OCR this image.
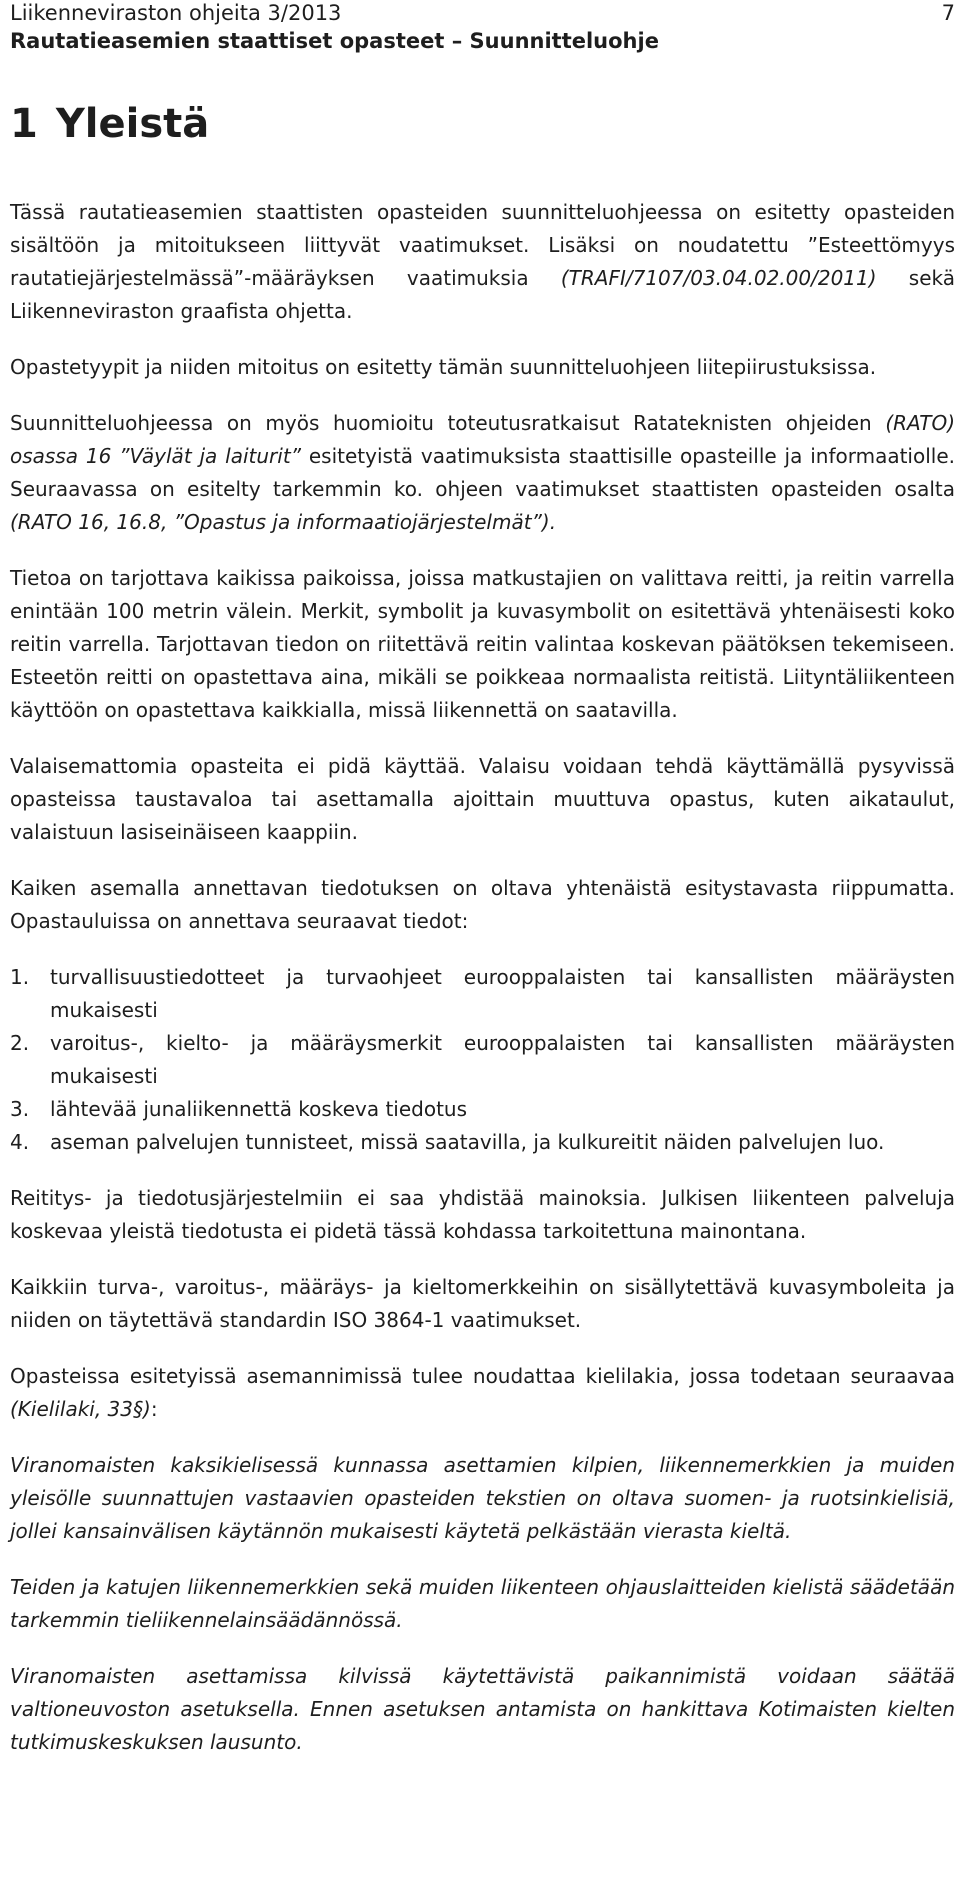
Liikenneviraston ohjeita 3/2013
Rautatieasemien staattiset opasteet – Suunnitteluohje
7
1 Yleistä

Tässä rautatieasemien staattisten opasteiden suunnitteluohjeessa on esitetty opasteiden sisältöön ja mitoitukseen liittyvät vaatimukset. Lisäksi on noudatettu ”Esteettömyys rautatiejärjestelmässä”-määräyksen vaatimuksia (TRAFI/7107/03.04.02.00/2011) sekä Liikenneviraston graafista ohjetta.

Opastetyypit ja niiden mitoitus on esitetty tämän suunnitteluohjeen liitepiirustuksissa.

Suunnitteluohjeessa on myös huomioitu toteutusratkaisut Ratateknisten ohjeiden (RATO) osassa 16 ”Väylät ja laiturit” esitetyistä vaatimuksista staattisille opasteille ja informaatiolle. Seuraavassa on esitelty tarkemmin ko. ohjeen vaatimukset staattisten opasteiden osalta (RATO 16, 16.8, ”Opastus ja informaatiojärjestelmät”).

Tietoa on tarjottava kaikissa paikoissa, joissa matkustajien on valittava reitti, ja reitin varrella enintään 100 metrin välein. Merkit, symbolit ja kuvasymbolit on esitettävä yhtenäisesti koko reitin varrella. Tarjottavan tiedon on riitettävä reitin valintaa koskevan päätöksen tekemiseen. Esteetön reitti on opastettava aina, mikäli se poikkeaa normaalista reitistä. Liityntäliikenteen käyttöön on opastettava kaikkialla, missä liikennettä on saatavilla.

Valaisemattomia opasteita ei pidä käyttää. Valaisu voidaan tehdä käyttämällä pysyvissä opasteissa taustavaloa tai asettamalla ajoittain muuttuva opastus, kuten aikataulut, valaistuun lasiseinäiseen kaappiin.

Kaiken asemalla annettavan tiedotuksen on oltava yhtenäistä esitystavasta riippumatta. Opastauluissa on annettava seuraavat tiedot:

1. turvallisuustiedotteet ja turvaohjeet eurooppalaisten tai kansallisten määräysten mukaisesti
2. varoitus-, kielto- ja määräysmerkit eurooppalaisten tai kansallisten määräysten mukaisesti
3. lähtevää junaliikennettä koskeva tiedotus
4. aseman palvelujen tunnisteet, missä saatavilla, ja kulkureitit näiden palvelujen luo.

Reititys- ja tiedotusjärjestelmiin ei saa yhdistää mainoksia. Julkisen liikenteen palveluja koskevaa yleistä tiedotusta ei pidetä tässä kohdassa tarkoitettuna mainontana.

Kaikkiin turva-, varoitus-, määräys- ja kieltomerkkeihin on sisällytettävä kuvasymboleita ja niiden on täytettävä standardin ISO 3864-1 vaatimukset.

Opasteissa esitetyissä asemannimissä tulee noudattaa kielilakia, jossa todetaan seuraavaa (Kielilaki, 33§):

Viranomaisten kaksikielisessä kunnassa asettamien kilpien, liikennemerkkien ja muiden yleisölle suunnattujen vastaavien opasteiden tekstien on oltava suomen- ja ruotsinkielisiä, jollei kansainvälisen käytännön mukaisesti käytetä pelkästään vierasta kieltä.

Teiden ja katujen liikennemerkkien sekä muiden liikenteen ohjauslaitteiden kielistä säädetään tarkemmin tieliikennelainsäädännössä.

Viranomaisten asettamissa kilvissä käytettävistä paikannimistä voidaan säätää valtioneuvoston asetuksella. Ennen asetuksen antamista on hankittava Kotimaisten kielten tutkimuskeskuksen lausunto.
